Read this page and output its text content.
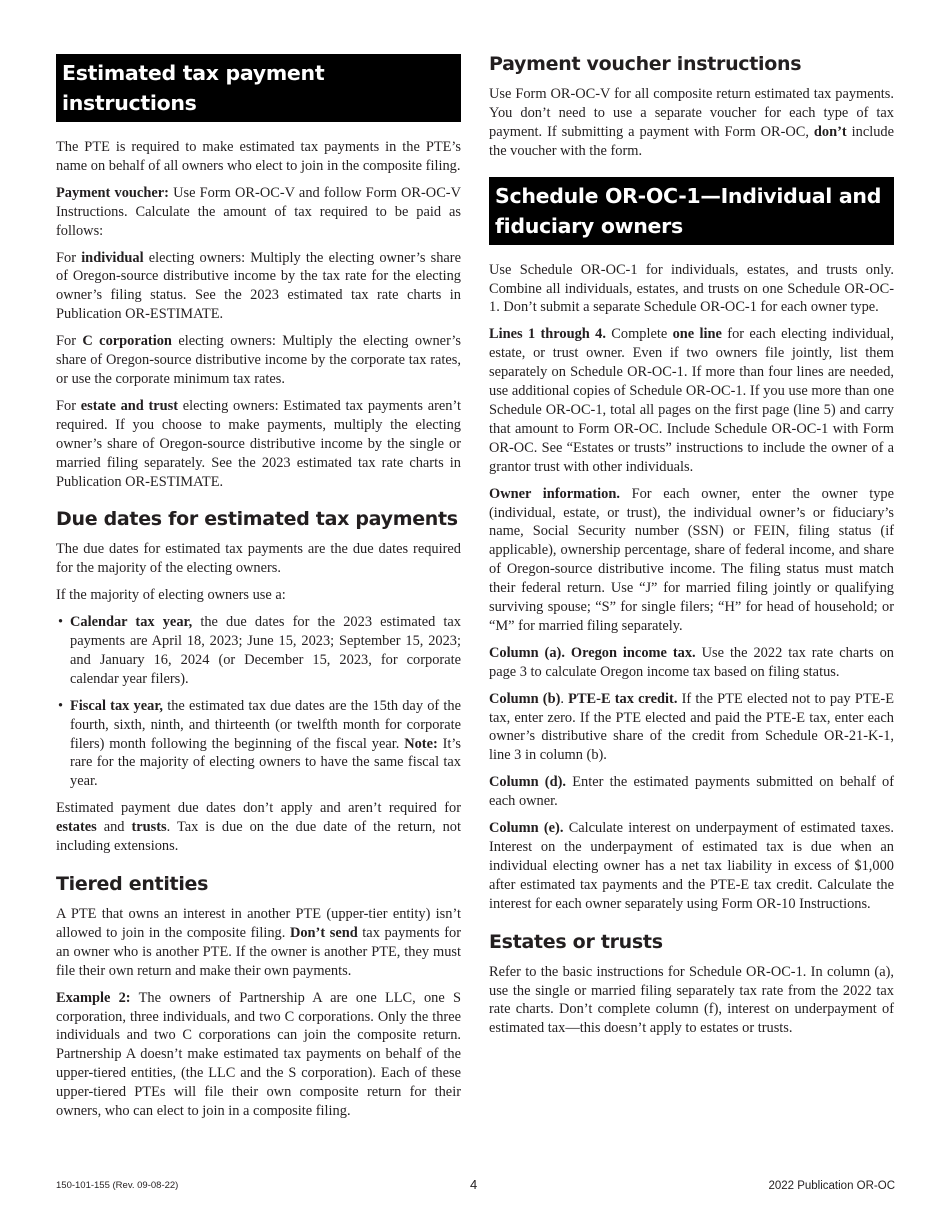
Estimated tax payment instructions

The PTE is required to make estimated tax payments in the PTE’s name on behalf of all owners who elect to join in the composite filing.

Payment voucher: Use Form OR-OC-V and follow Form OR-OC-V Instructions. Calculate the amount of tax required to be paid as follows:

For individual electing owners: Multiply the electing owner’s share of Oregon-source distributive income by the tax rate for the electing owner’s filing status. See the 2023 estimated tax rate charts in Publication OR-ESTIMATE.

For C corporation electing owners: Multiply the electing owner’s share of Oregon-source distributive income by the corporate tax rates, or use the corporate minimum tax rates.

For estate and trust electing owners: Estimated tax payments aren’t required. If you choose to make payments, multiply the electing owner’s share of Oregon-source distributive income by the single or married filing separately. See the 2023 estimated tax rate charts in Publication OR-ESTIMATE.

Due dates for estimated tax payments

The due dates for estimated tax payments are the due dates required for the majority of the electing owners.

If the majority of electing owners use a:

• Calendar tax year, the due dates for the 2023 estimated tax payments are April 18, 2023; June 15, 2023; September 15, 2023; and January 16, 2024 (or December 15, 2023, for corporate calendar year filers).
• Fiscal tax year, the estimated tax due dates are the 15th day of the fourth, sixth, ninth, and thirteenth (or twelfth month for corporate filers) month following the beginning of the fiscal year. Note: It’s rare for the majority of electing owners to have the same fiscal tax year.

Estimated payment due dates don’t apply and aren’t required for estates and trusts. Tax is due on the due date of the return, not including extensions.

Tiered entities

A PTE that owns an interest in another PTE (upper-tier entity) isn’t allowed to join in the composite filing. Don’t send tax payments for an owner who is another PTE. If the owner is another PTE, they must file their own return and make their own payments.

Example 2: The owners of Partnership A are one LLC, one S corporation, three individuals, and two C corporations. Only the three individuals and two C corporations can join the composite return. Partnership A doesn’t make estimated tax payments on behalf of the upper-tiered entities, (the LLC and the S corporation). Each of these upper-tiered PTEs will file their own composite return for their owners, who can elect to join in a composite filing.

Payment voucher instructions

Use Form OR-OC-V for all composite return estimated tax payments. You don’t need to use a separate voucher for each type of tax payment. If submitting a payment with Form OR-OC, don’t include the voucher with the form.

Schedule OR-OC-1—Individual and fiduciary owners

Use Schedule OR-OC-1 for individuals, estates, and trusts only. Combine all individuals, estates, and trusts on one Schedule OR-OC-1. Don’t submit a separate Schedule OR-OC-1 for each owner type.

Lines 1 through 4. Complete one line for each electing individual, estate, or trust owner. Even if two owners file jointly, list them separately on Schedule OR-OC-1. If more than four lines are needed, use additional copies of Schedule OR-OC-1. If you use more than one Schedule OR-OC-1, total all pages on the first page (line 5) and carry that amount to Form OR-OC. Include Schedule OR-OC-1 with Form OR-OC. See “Estates or trusts” instructions to include the owner of a grantor trust with other individuals.

Owner information. For each owner, enter the owner type (individual, estate, or trust), the individual owner’s or fiduciary’s name, Social Security number (SSN) or FEIN, filing status (if applicable), ownership percentage, share of federal income, and share of Oregon-source distributive income. The filing status must match their federal return. Use “J” for married filing jointly or qualifying surviving spouse; “S” for single filers; “H” for head of household; or “M” for married filing separately.

Column (a). Oregon income tax. Use the 2022 tax rate charts on page 3 to calculate Oregon income tax based on filing status.

Column (b). PTE-E tax credit. If the PTE elected not to pay PTE-E tax, enter zero. If the PTE elected and paid the PTE-E tax, enter each owner’s distributive share of the credit from Schedule OR-21-K-1, line 3 in column (b).

Column (d). Enter the estimated payments submitted on behalf of each owner.

Column (e). Calculate interest on underpayment of estimated taxes. Interest on the underpayment of estimated tax is due when an individual electing owner has a net tax liability in excess of $1,000 after estimated tax payments and the PTE-E tax credit. Calculate the interest for each owner separately using Form OR-10 Instructions.

Estates or trusts

Refer to the basic instructions for Schedule OR-OC-1. In column (a), use the single or married filing separately tax rate from the 2022 tax rate charts. Don’t complete column (f), interest on underpayment of estimated tax—this doesn’t apply to estates or trusts.

150-101-155 (Rev. 09-08-22)	4	2022 Publication OR-OC
